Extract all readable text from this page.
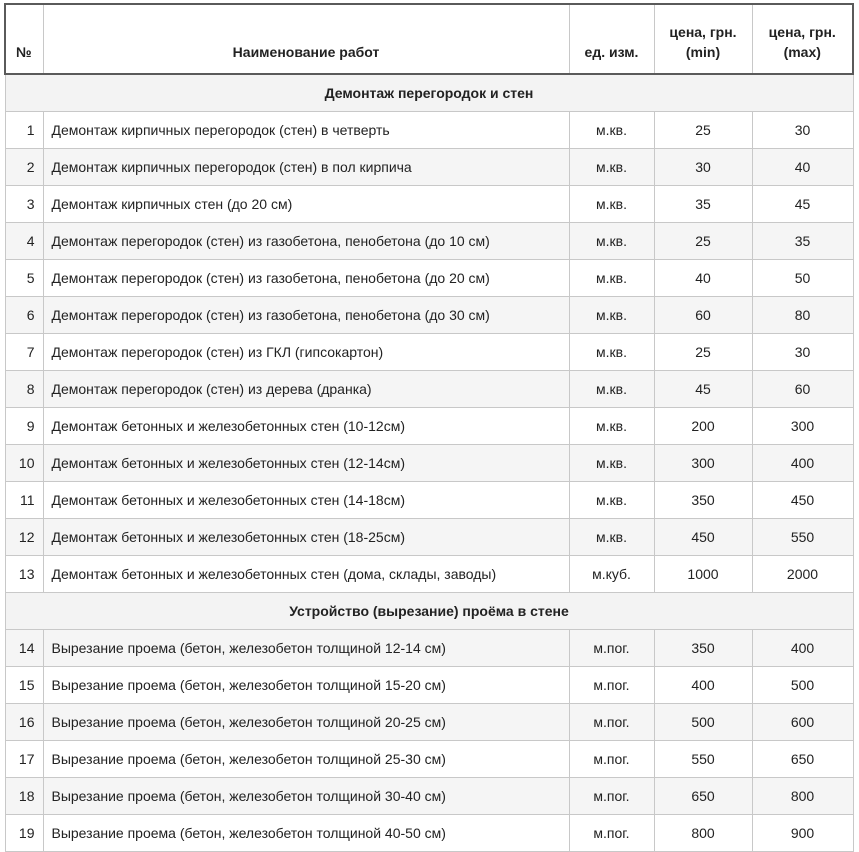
№	Наименование работ	ед. изм.	цена, грн. (min)	цена, грн. (max)
Демонтаж перегородок и стен				
1	Демонтаж кирпичных перегородок (стен) в четверть	м.кв.	25	30
2	Демонтаж кирпичных перегородок (стен) в пол кирпича	м.кв.	30	40
3	Демонтаж кирпичных стен (до 20 см)	м.кв.	35	45
4	Демонтаж перегородок (стен) из газобетона, пенобетона (до 10 см)	м.кв.	25	35
5	Демонтаж перегородок (стен) из газобетона, пенобетона (до 20 см)	м.кв.	40	50
6	Демонтаж перегородок (стен) из газобетона, пенобетона (до 30 см)	м.кв.	60	80
7	Демонтаж перегородок (стен) из ГКЛ (гипсокартон)	м.кв.	25	30
8	Демонтаж перегородок (стен) из дерева (дранка)	м.кв.	45	60
9	Демонтаж бетонных и железобетонных стен (10-12см)	м.кв.	200	300
10	Демонтаж бетонных и железобетонных стен (12-14см)	м.кв.	300	400
11	Демонтаж бетонных и железобетонных стен (14-18см)	м.кв.	350	450
12	Демонтаж бетонных и железобетонных стен (18-25см)	м.кв.	450	550
13	Демонтаж бетонных и железобетонных стен (дома, склады, заводы)	м.куб.	1000	2000
Устройство (вырезание) проёма в стене				
14	Вырезание проема (бетон, железобетон толщиной 12-14 см)	м.пог.	350	400
15	Вырезание проема (бетон, железобетон толщиной 15-20 см)	м.пог.	400	500
16	Вырезание проема (бетон, железобетон толщиной 20-25 см)	м.пог.	500	600
17	Вырезание проема (бетон, железобетон толщиной 25-30 см)	м.пог.	550	650
18	Вырезание проема (бетон, железобетон толщиной 30-40 см)	м.пог.	650	800
19	Вырезание проема (бетон, железобетон толщиной 40-50 см)	м.пог.	800	900
